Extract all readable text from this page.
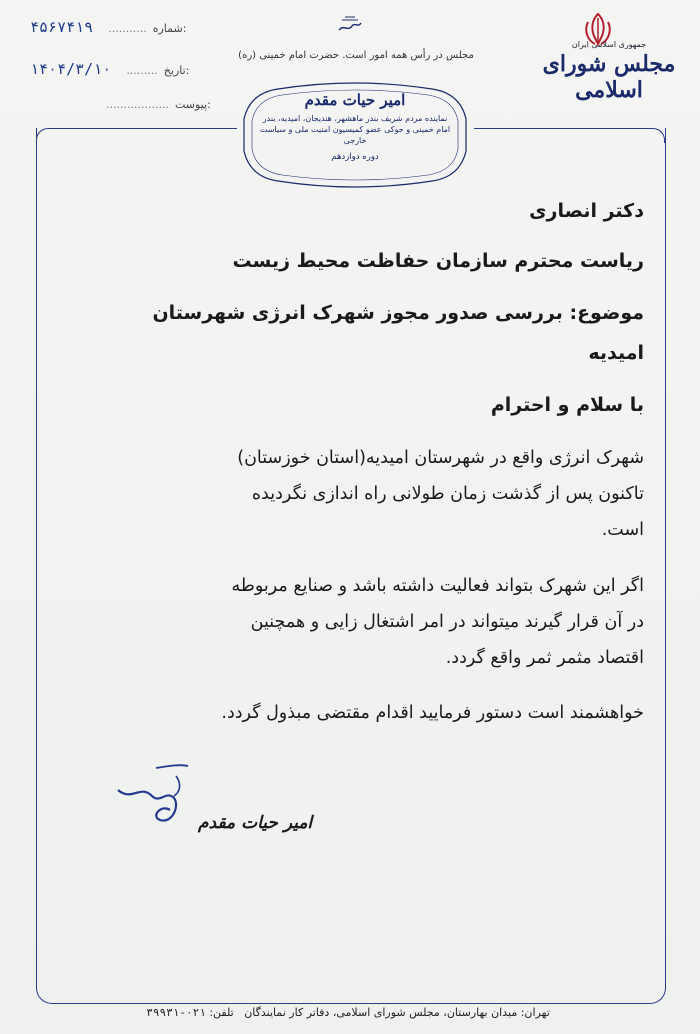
۴۵۶۷۴۱۹ ........... شماره:
۱۴۰۴/۳/۱۰ ......... تاریخ:
.................. پیوست:
جمهوری اسلامی ایران
مجلس شورای اسلامی
مجلس در رأس همه امور است. حضرت امام خمینی (ره)
امیر حیات مقدم
نماینده مردم شریف بندر ماهشهر، هندیجان، امیدیه، بندر امام خمینی و جوکی عضو کمیسیون امنیت ملی و سیاست خارجی
دوره دوازدهم
دکتر انصاری
ریاست محترم سازمان حفاظت محیط زیست
موضوع: بررسی صدور مجوز شهرک انرژی شهرستان
امیدیه
با سلام و احترام
شهرک انرژی واقع در شهرستان امیدیه(استان خوزستان)
تاکنون پس از گذشت زمان طولانی راه اندازی نگردیده
است.
اگر این شهرک بتواند فعالیت داشته باشد و صنایع مربوطه
در آن قرار گیرند میتواند در امر اشتغال زایی و همچنین
اقتصاد مثمر ثمر واقع گردد.
خواهشمند است دستور فرمایید اقدام مقتضی مبذول گردد.
امیر حیات مقدم
تهران: میدان بهارستان، مجلس شورای اسلامی، دفاتر کار نمایندگان   تلفن: ۰۲۱-۳۹۹۳۱
